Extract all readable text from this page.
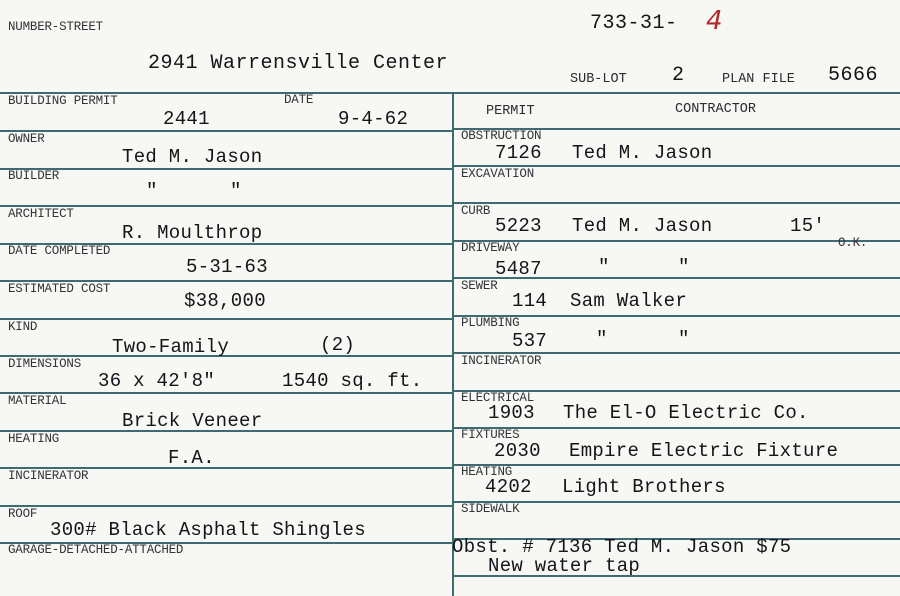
NUMBER-STREET
2941 Warrensville Center
733-31- 4
SUB-LOT 2	PLAN FILE 5666
BUILDING PERMIT	DATE
2441	9-4-62
OWNER
Ted M. Jason
BUILDER
"	"
ARCHITECT
R. Moulthrop
DATE COMPLETED
5-31-63
ESTIMATED COST
$38,000
KIND
Two-Family	(2)
DIMENSIONS
36 x 42'8"	1540 sq. ft.
MATERIAL
Brick Veneer
HEATING
F.A.
INCINERATOR
ROOF
300# Black Asphalt Shingles
GARAGE-DETACHED-ATTACHED
PERMIT	CONTRACTOR
OBSTRUCTION
7126 Ted M. Jason
EXCAVATION
CURB
5223 Ted M. Jason	15'
O.K.
DRIVEWAY
5487	"	"
SEWER
114 Sam Walker
PLUMBING
537	"	"
INCINERATOR
ELECTRICAL
1903 The El-O Electric Co.
FIXTURES
2030 Empire Electric Fixture
HEATING
4202 Light Brothers
SIDEWALK
Obst. # 7136 Ted M. Jason $75
New water tap
